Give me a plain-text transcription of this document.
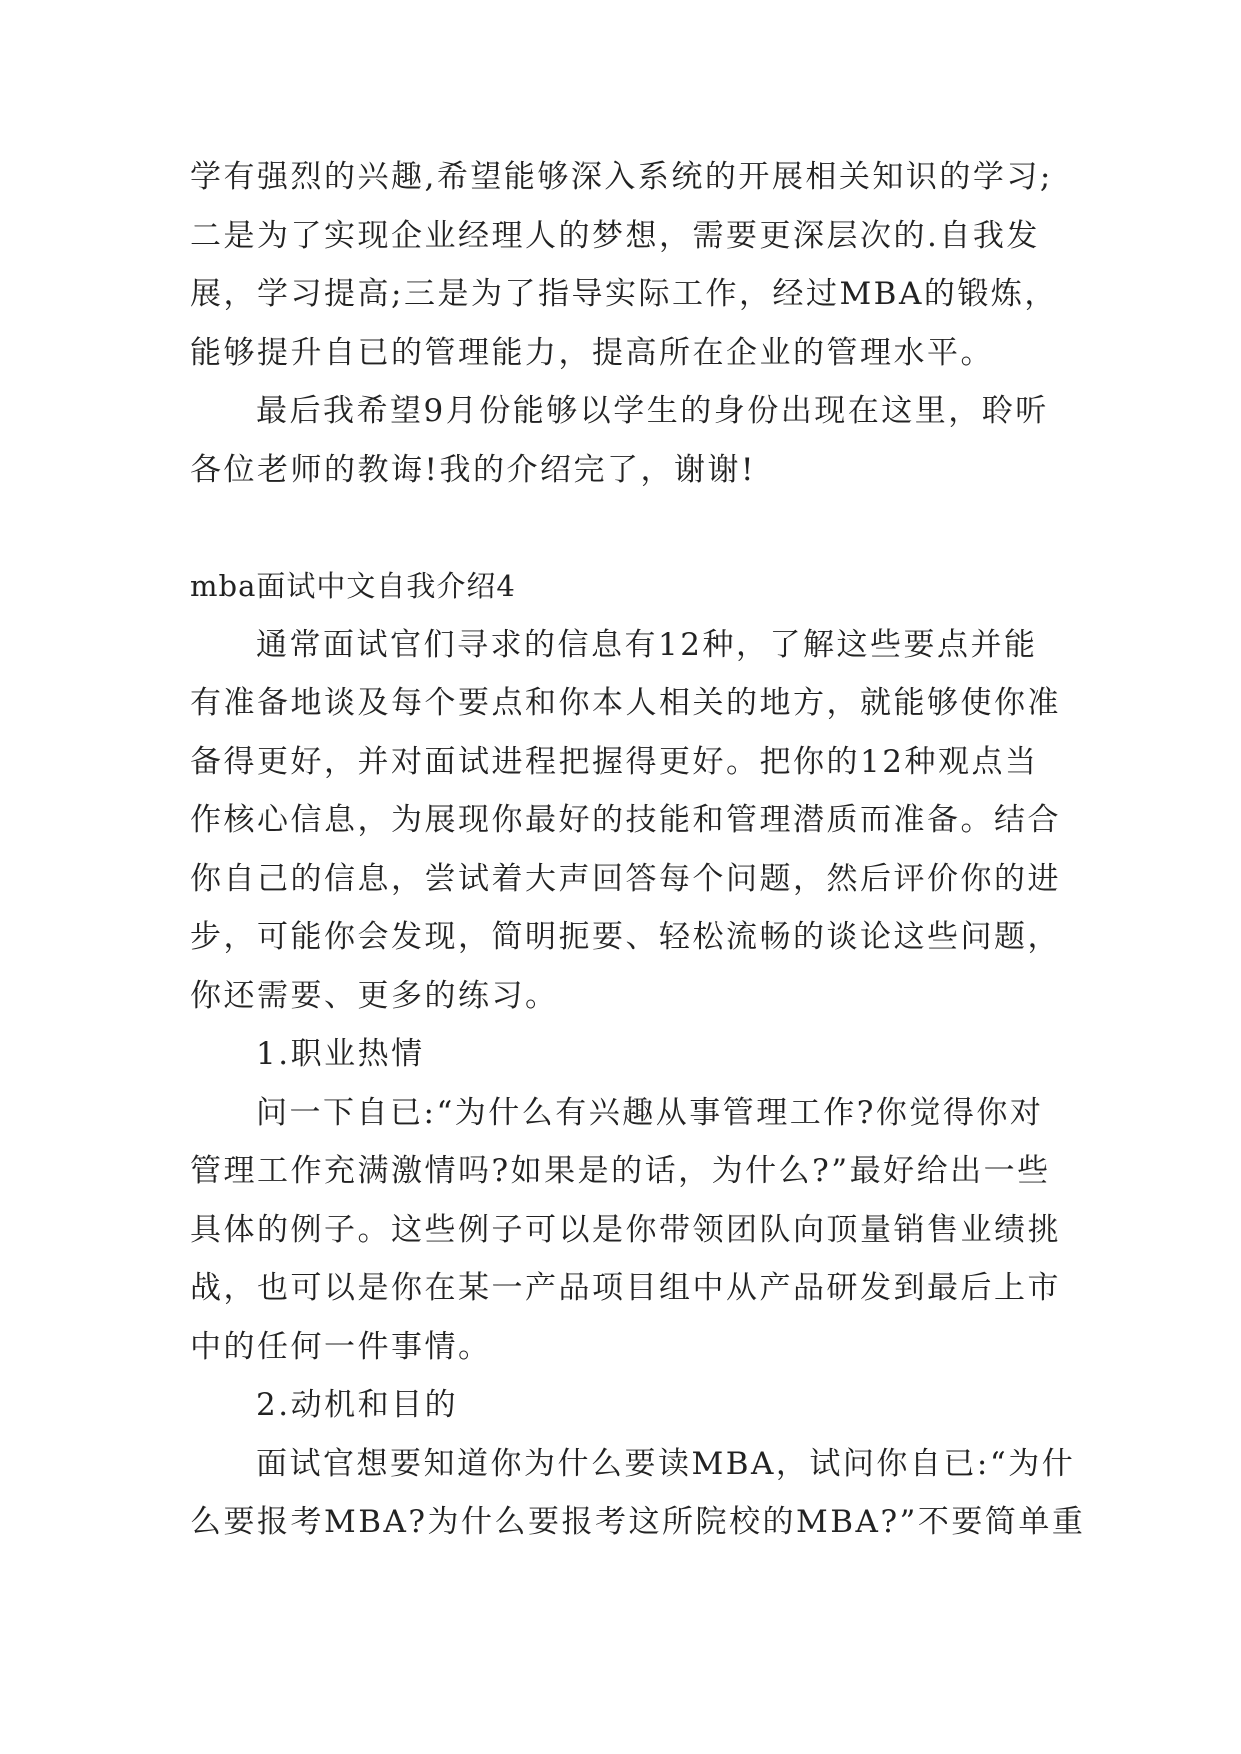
学有强烈的兴趣,希望能够深入系统的开展相关知识的学习;
二是为了实现企业经理人的梦想，需要更深层次的.自我发
展，学习提高;三是为了指导实际工作，经过MBA的锻炼，
能够提升自已的管理能力，提高所在企业的管理水平。

最后我希望9月份能够以学生的身份出现在这里，聆听
各位老师的教诲!我的介绍完了，谢谢!

mba面试中文自我介绍4

通常面试官们寻求的信息有12种，了解这些要点并能
有准备地谈及每个要点和你本人相关的地方，就能够使你准
备得更好，并对面试进程把握得更好。把你的12种观点当
作核心信息，为展现你最好的技能和管理潜质而准备。结合
你自己的信息，尝试着大声回答每个问题，然后评价你的进
步，可能你会发现，简明扼要、轻松流畅的谈论这些问题，
你还需要、更多的练习。

1.职业热情

问一下自已:“为什么有兴趣从事管理工作?你觉得你对
管理工作充满激情吗?如果是的话，为什么?”最好给出一些
具体的例子。这些例子可以是你带领团队向顶量销售业绩挑
战，也可以是你在某一产品项目组中从产品研发到最后上市
中的任何一件事情。

2.动机和目的

面试官想要知道你为什么要读MBA，试问你自已:“为什
么要报考MBA?为什么要报考这所院校的MBA?”不要简单重
